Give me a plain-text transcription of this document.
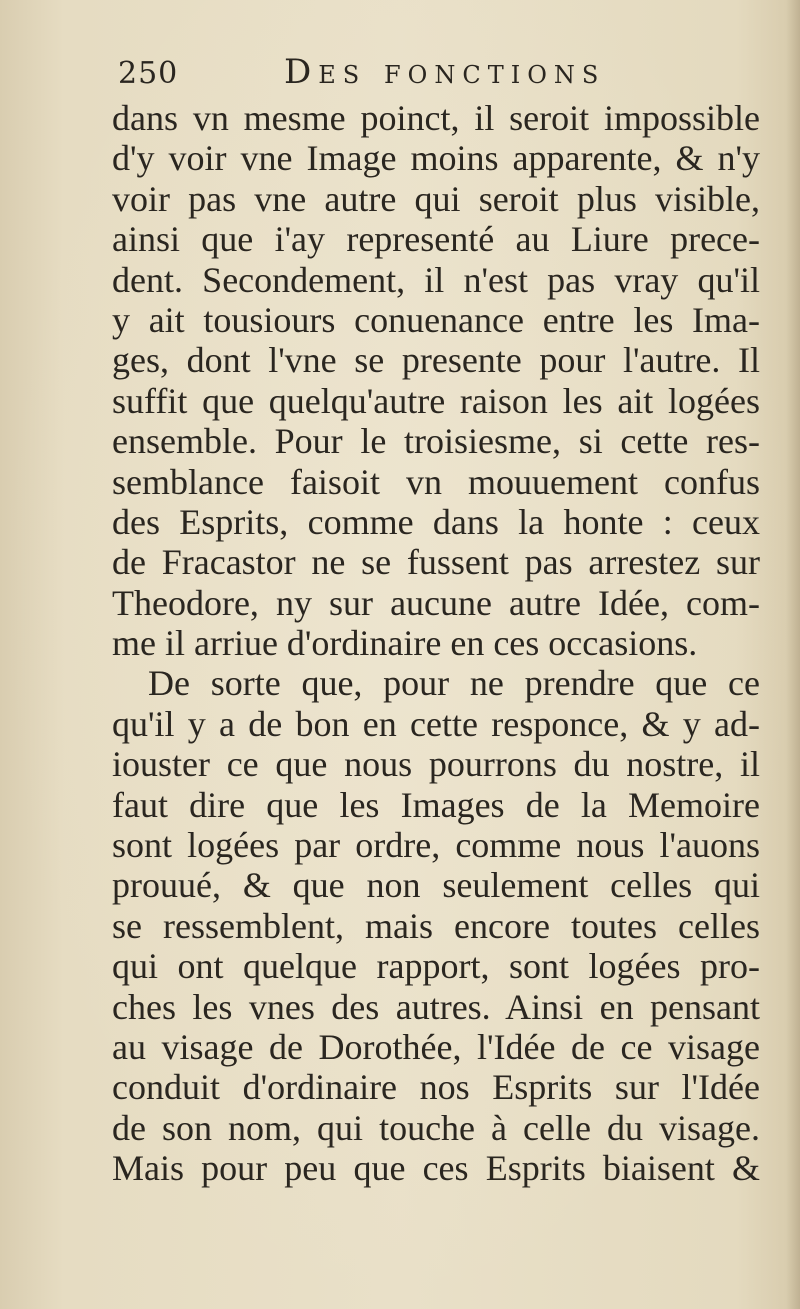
250	Des fonctions
dans vn mesme poinct, il seroit impossible
d'y voir vne Image moins apparente, & n'y
voir pas vne autre qui seroit plus visible,
ainsi que i'ay representé au Liure prece-
dent. Secondement, il n'est pas vray qu'il
y ait tousiours conuenance entre les Ima-
ges, dont l'vne se presente pour l'autre. Il
suffit que quelqu'autre raison les ait logées
ensemble. Pour le troisiesme, si cette res-
semblance faisoit vn mouuement confus
des Esprits, comme dans la honte : ceux
de Fracastor ne se fussent pas arrestez sur
Theodore, ny sur aucune autre Idée, com-
me il arriue d'ordinaire en ces occasions.
De sorte que, pour ne prendre que ce
qu'il y a de bon en cette responce, & y ad-
iouster ce que nous pourrons du nostre, il
faut dire que les Images de la Memoire
sont logées par ordre, comme nous l'auons
prouué, & que non seulement celles qui
se ressemblent, mais encore toutes celles
qui ont quelque rapport, sont logées pro-
ches les vnes des autres. Ainsi en pensant
au visage de Dorothée, l'Idée de ce visage
conduit d'ordinaire nos Esprits sur l'Idée
de son nom, qui touche à celle du visage.
Mais pour peu que ces Esprits biaisent &
